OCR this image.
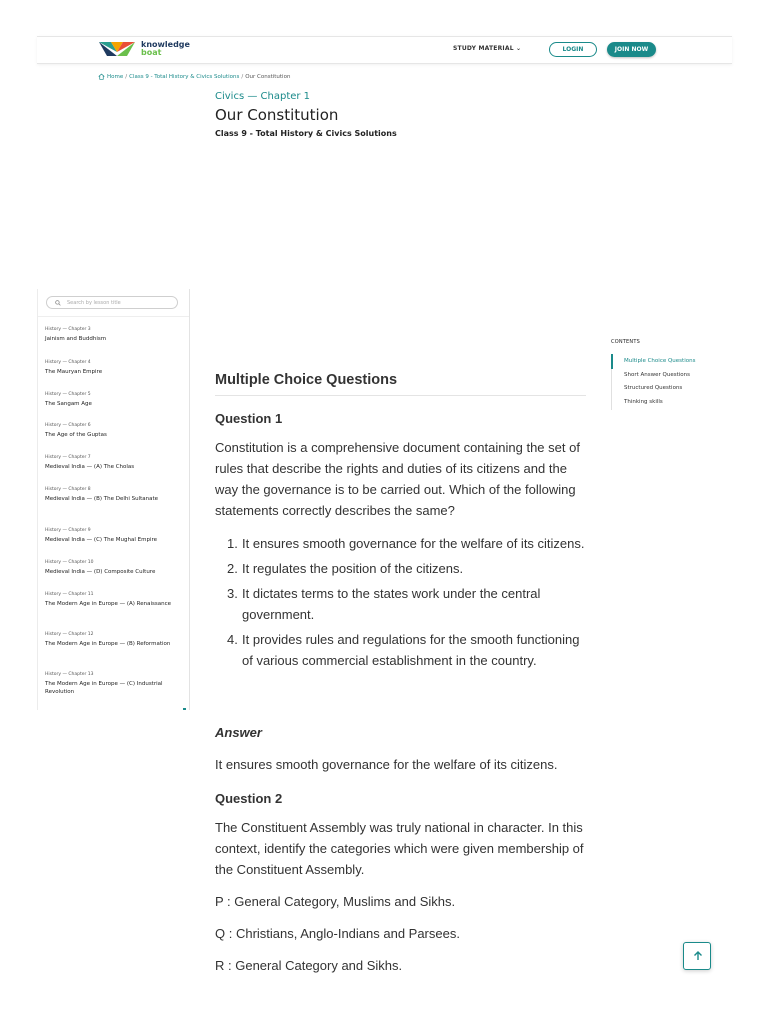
knowledge
boat	STUDY MATERIAL ⌄	LOGIN	JOIN NOW
Home / Class 9 - Total History & Civics Solutions / Our Constitution
Civics — Chapter 1
Our Constitution
Class 9 - Total History & Civics Solutions
Search by lesson title
History — Chapter 3
Jainism and Buddhism
History — Chapter 4
The Mauryan Empire
History — Chapter 5
The Sangam Age
History — Chapter 6
The Age of the Guptas
History — Chapter 7
Medieval India — (A) The Cholas
History — Chapter 8
Medieval India — (B) The Delhi Sultanate
History — Chapter 9
Medieval India — (C) The Mughal Empire
History — Chapter 10
Medieval India — (D) Composite Culture
History — Chapter 11
The Modern Age in Europe — (A) Renaissance
History — Chapter 12
The Modern Age in Europe — (B) Reformation
History — Chapter 13
The Modern Age in Europe — (C) Industrial Revolution
CONTENTS
Multiple Choice Questions
Short Answer Questions
Structured Questions
Thinking skills
Multiple Choice Questions
Question 1

Constitution is a comprehensive document containing the set of rules that describe the rights and duties of its citizens and the way the governance is to be carried out. Which of the following statements correctly describes the same?

1. It ensures smooth governance for the welfare of its citizens.
2. It regulates the position of the citizens.
3. It dictates terms to the states work under the central government.
4. It provides rules and regulations for the smooth functioning of various commercial establishment in the country.
Answer

It ensures smooth governance for the welfare of its citizens.

Question 2

The Constituent Assembly was truly national in character. In this context, identify the categories which were given membership of the Constituent Assembly.

P : General Category, Muslims and Sikhs.

Q : Christians, Anglo-Indians and Parsees.

R : General Category and Sikhs.
